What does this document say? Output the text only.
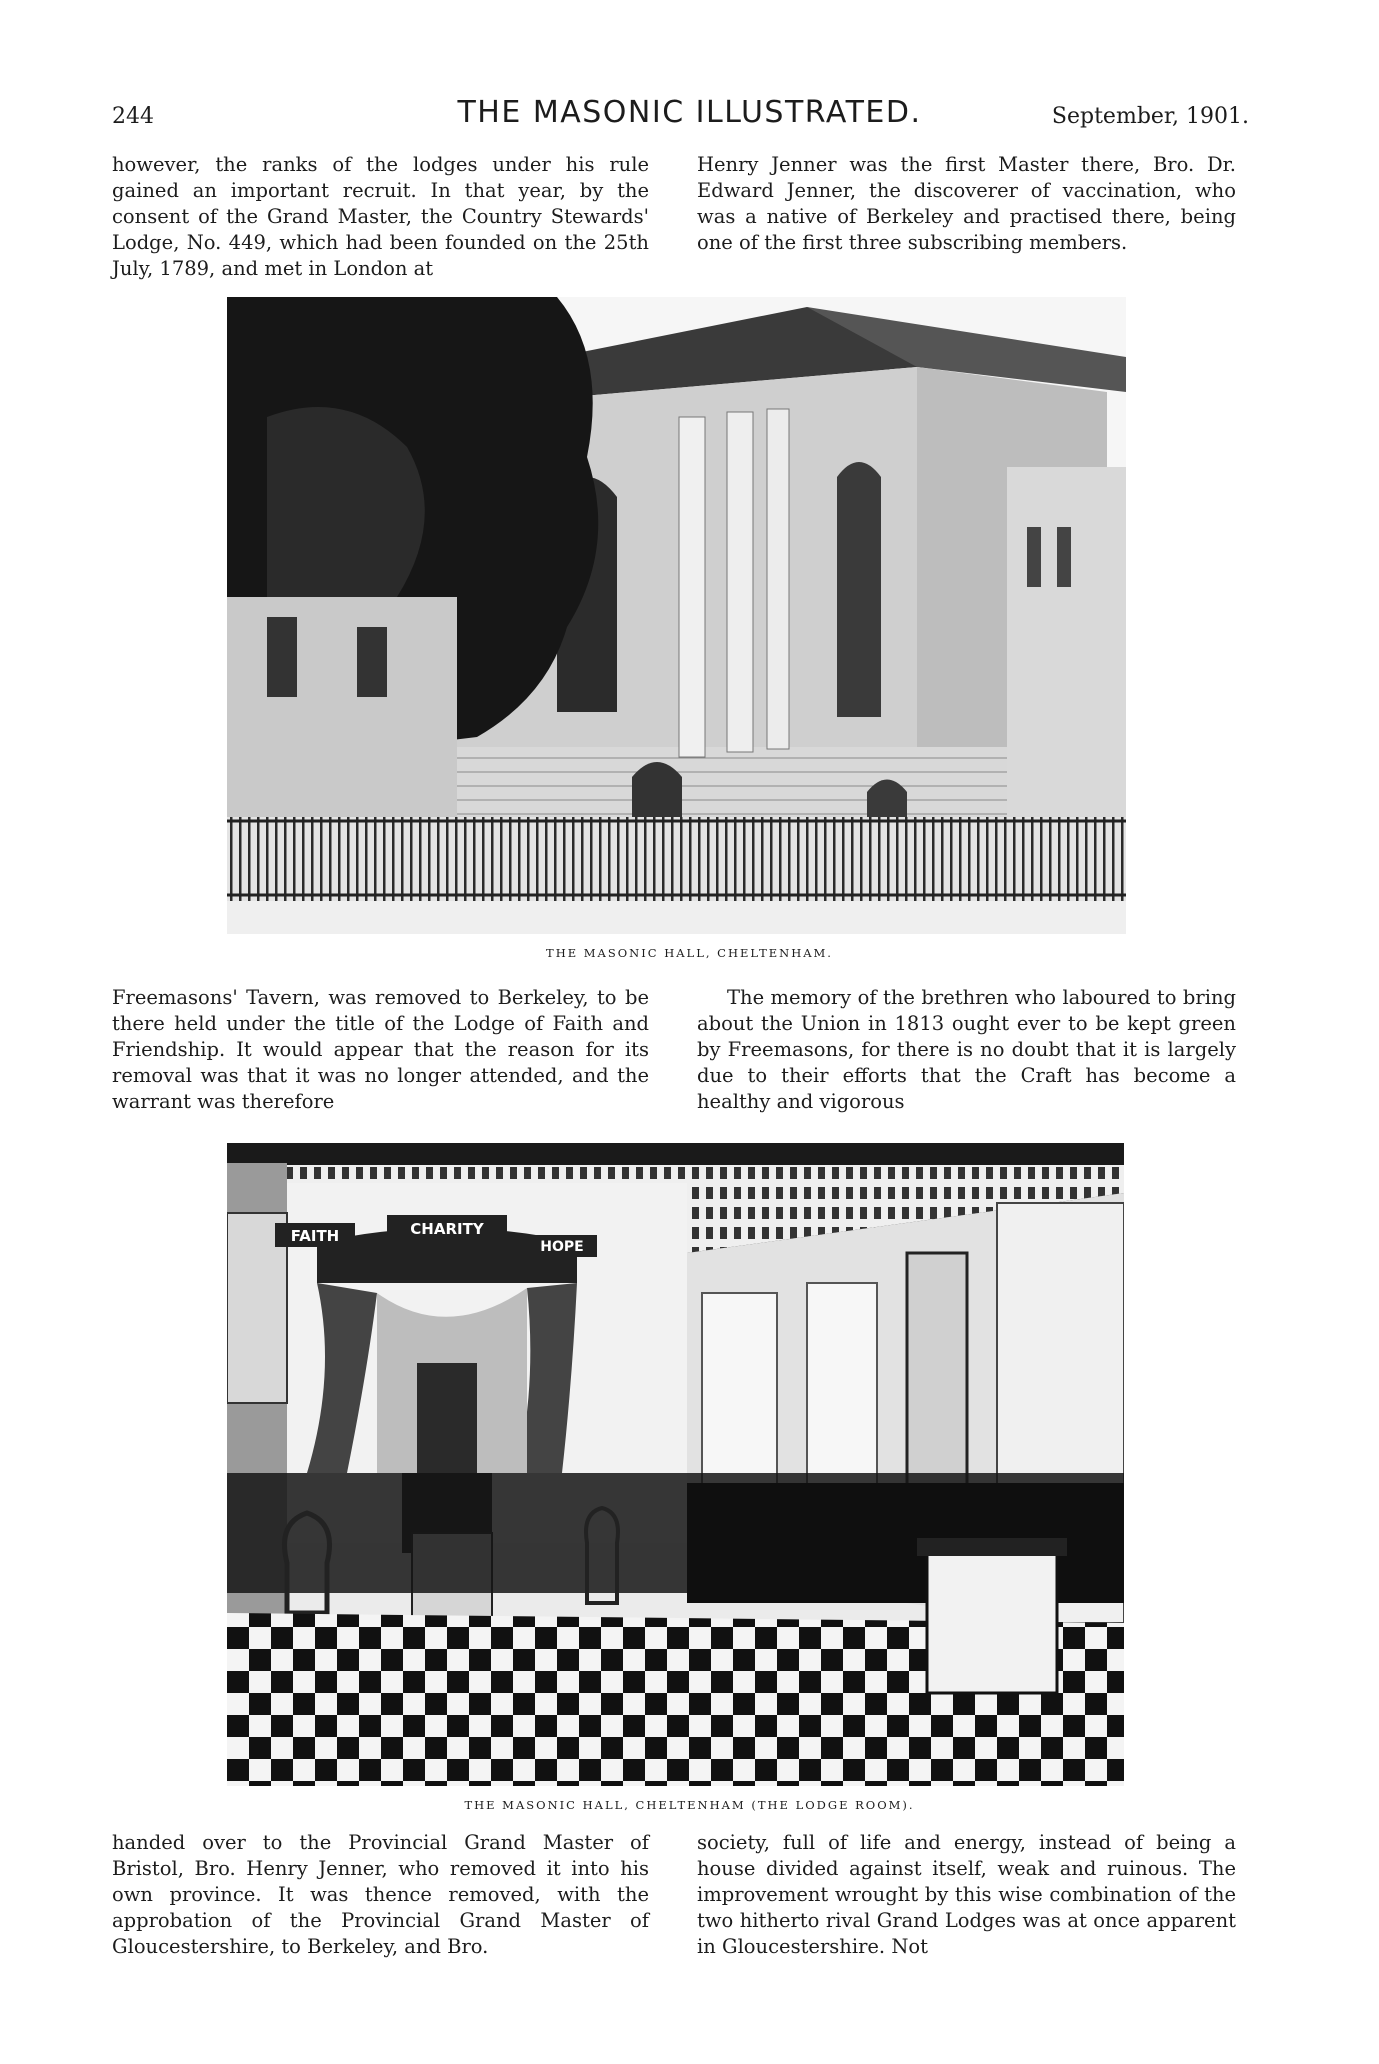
244	THE MASONIC ILLUSTRATED.	September, 1901.

however, the ranks of the lodges under his rule gained an important recruit. In that year, by the consent of the Grand Master, the Country Stewards' Lodge, No. 449, which had been founded on the 25th July, 1789, and met in London at

Henry Jenner was the first Master there, Bro. Dr. Edward Jenner, the discoverer of vaccination, who was a native of Berkeley and practised there, being one of the first three subscribing members.

THE MASONIC HALL, CHELTENHAM.

Freemasons' Tavern, was removed to Berkeley, to be there held under the title of the Lodge of Faith and Friendship. It would appear that the reason for its removal was that it was no longer attended, and the warrant was therefore

The memory of the brethren who laboured to bring about the Union in 1813 ought ever to be kept green by Freemasons, for there is no doubt that it is largely due to their efforts that the Craft has become a healthy and vigorous

FAITH	CHARITY
HOPE
THE MASONIC HALL, CHELTENHAM (THE LODGE ROOM).

handed over to the Provincial Grand Master of Bristol, Bro. Henry Jenner, who removed it into his own province. It was thence removed, with the approbation of the Provincial Grand Master of Gloucestershire, to Berkeley, and Bro.

society, full of life and energy, instead of being a house divided against itself, weak and ruinous. The improvement wrought by this wise combination of the two hitherto rival Grand Lodges was at once apparent in Gloucestershire. Not
